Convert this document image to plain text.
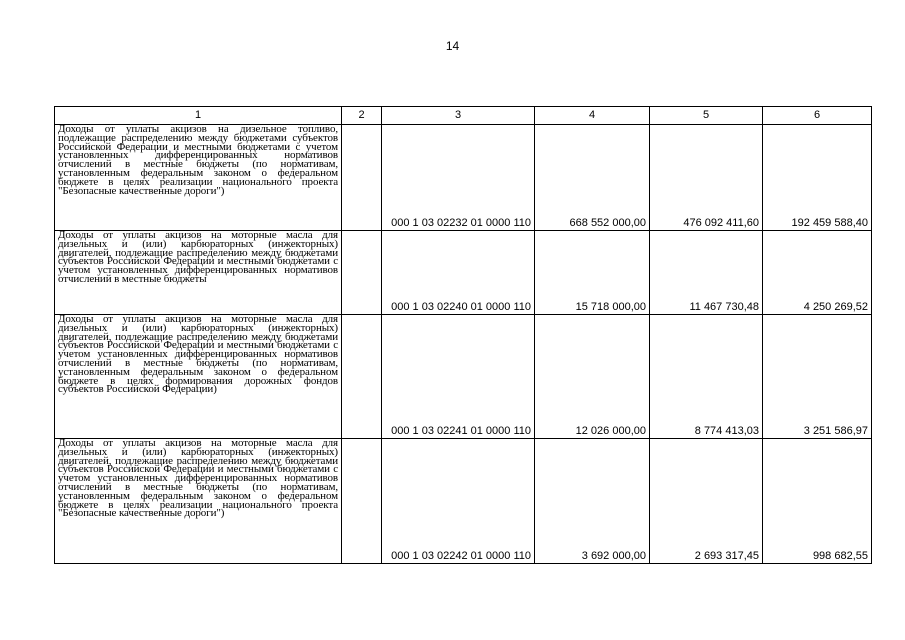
14
1	2	3	4	5	6
Доходы от уплаты акцизов на дизельное топливо, подлежащие распределению между бюджетами субъектов Российской Федерации и местными бюджетами с учетом установленных дифференцированных нормативов отчислений в местные бюджеты (по нормативам, установленным федеральным законом о федеральном бюджете в целях реализации национального проекта "Безопасные качественные дороги")		000 1 03 02232 01 0000 110	668 552 000,00	476 092 411,60	192 459 588,40
Доходы от уплаты акцизов на моторные масла для дизельных и (или) карбюраторных (инжекторных) двигателей, подлежащие распределению между бюджетами субъектов Российской Федерации и местными бюджетами с учетом установленных дифференцированных нормативов отчислений в местные бюджеты		000 1 03 02240 01 0000 110	15 718 000,00	11 467 730,48	4 250 269,52
Доходы от уплаты акцизов на моторные масла для дизельных и (или) карбюраторных (инжекторных) двигателей, подлежащие распределению между бюджетами субъектов Российской Федерации и местными бюджетами с учетом установленных дифференцированных нормативов отчислений в местные бюджеты (по нормативам, установленным федеральным законом о федеральном бюджете в целях формирования дорожных фондов субъектов Российской Федерации)		000 1 03 02241 01 0000 110	12 026 000,00	8 774 413,03	3 251 586,97
Доходы от уплаты акцизов на моторные масла для дизельных и (или) карбюраторных (инжекторных) двигателей, подлежащие распределению между бюджетами субъектов Российской Федерации и местными бюджетами с учетом установленных дифференцированных нормативов отчислений в местные бюджеты (по нормативам, установленным федеральным законом о федеральном бюджете в целях реализации национального проекта "Безопасные качественные дороги")		000 1 03 02242 01 0000 110	3 692 000,00	2 693 317,45	998 682,55
